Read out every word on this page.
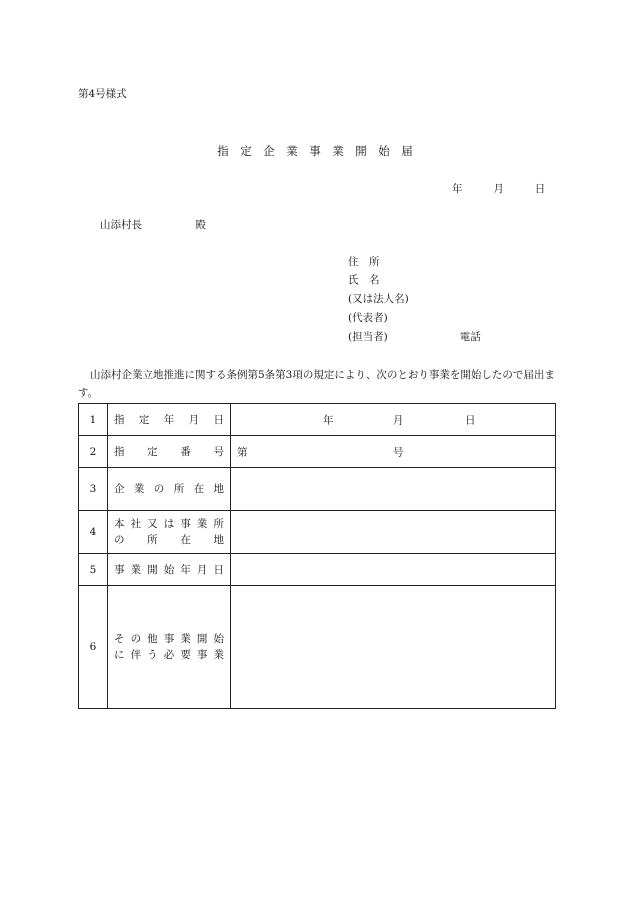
第4号様式
指　定　企　業　事　業　開　始　届
年	月	日
山添村長	殿
住　所
氏　名
(又は法人名)
(代表者)
(担当者)	電話
山添村企業立地推進に関する条例第5条第3項の規定により、次のとおり事業を開始したので届出ます。
1	指定年月日	年 月 日

2	指定番号	第 号

3	企業の所在地	
4	本社又は事業所
の所在地	

5	事業開始年月日	
6	その他事業開始
に伴う必要事業	
